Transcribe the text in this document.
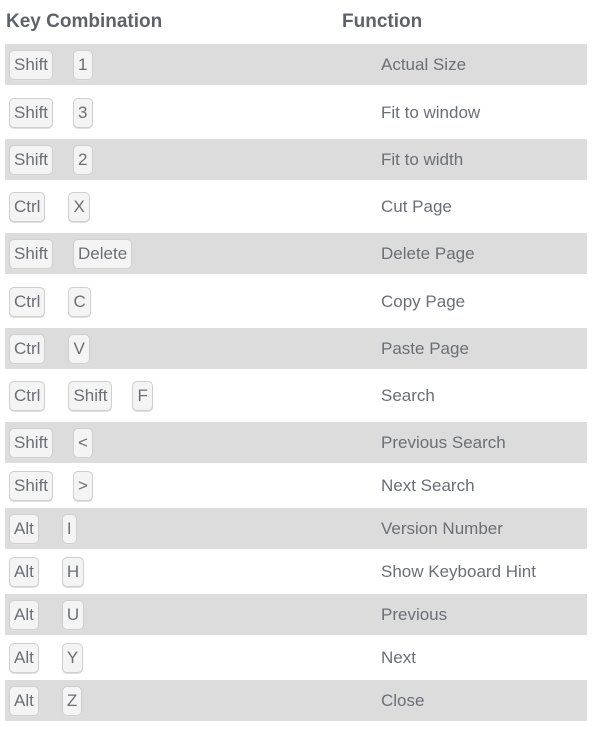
Key Combination	Function
Shift 1	Actual Size
Shift 3	Fit to window
Shift 2	Fit to width
Ctrl X	Cut Page
Shift Delete	Delete Page
Ctrl C	Copy Page
Ctrl V	Paste Page
Ctrl Shift F	Search
Shift <	Previous Search
Shift >	Next Search
Alt I	Version Number
Alt H	Show Keyboard Hint
Alt U	Previous
Alt Y	Next
Alt Z	Close
